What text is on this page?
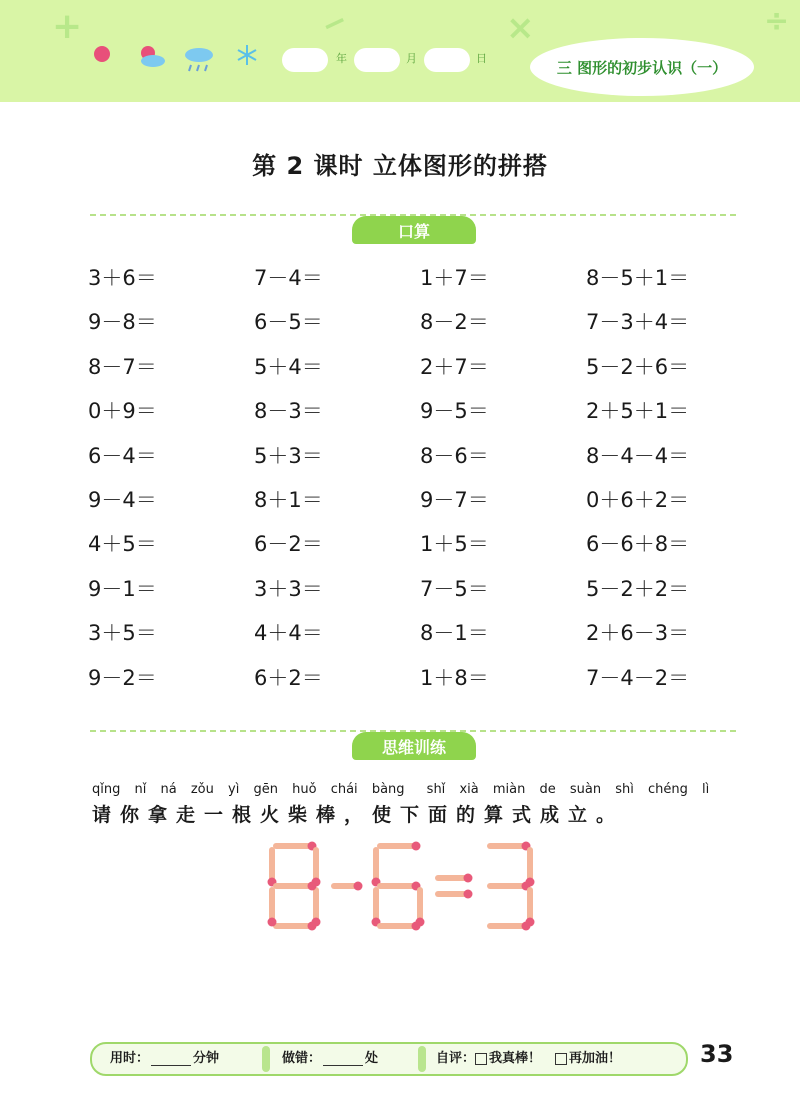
+	−	×	÷
年	月	日	三 图形的初步认识（一）
第 2 课时 立体图形的拼搭
口算
3＋6＝	7－4＝	1＋7＝	8－5＋1＝
9－8＝	6－5＝	8－2＝	7－3＋4＝
8－7＝	5＋4＝	2＋7＝	5－2＋6＝
0＋9＝	8－3＝	9－5＝	2＋5＋1＝
6－4＝	5＋3＝	8－6＝	8－4－4＝
9－4＝	8＋1＝	9－7＝	0＋6＋2＝
4＋5＝	6－2＝	1＋5＝	6－6＋8＝
9－1＝	3＋3＝	7－5＝	5－2＋2＝
3＋5＝	4＋4＝	8－1＝	2＋6－3＝
9－2＝	6＋2＝	1＋8＝	7－4－2＝
思维训练
qǐng nǐ ná zǒu yì gēn huǒ chái bàng shǐ xià miàn de suàn shì chéng lì
请你拿走一根火柴棒，使下面的算式成立。
用时：	分钟	做错：	处	自评： 我真棒！ 再加油！	33
